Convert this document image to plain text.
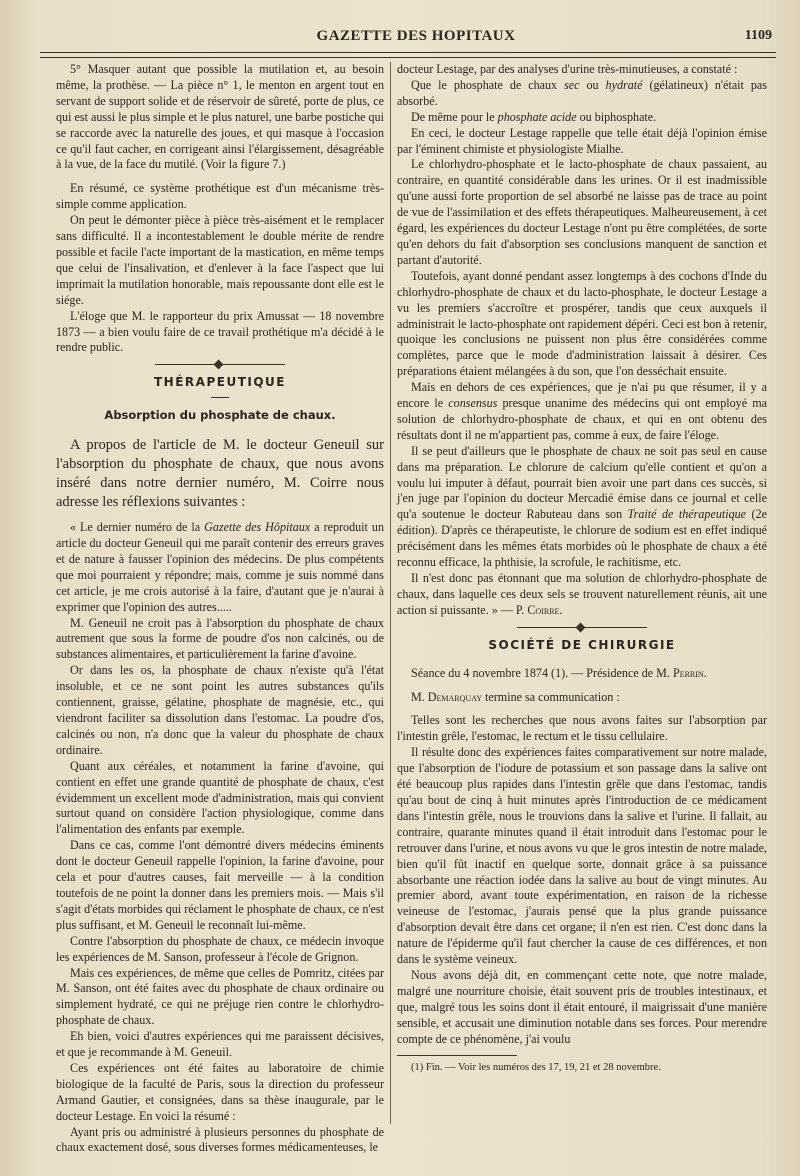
GAZETTE DES HOPITAUX	1109

5° Masquer autant que possible la mutilation et, au besoin même, la prothèse. — La pièce n° 1, le menton en argent tout en servant de support solide et de réservoir de sûreté, porte de plus, ce qui est aussi le plus simple et le plus naturel, une barbe postiche qui se raccorde avec la naturelle des joues, et qui masque à l'occasion ce qu'il faut cacher, en corrigeant ainsi l'élargissement, désagréable à la vue, de la face du mutilé. (Voir la figure 7.)

En résumé, ce système prothétique est d'un mécanisme très-simple comme application.

On peut le démonter pièce à pièce très-aisément et le remplacer sans difficulté. Il a incontestablement le double mérite de rendre possible et facile l'acte important de la mastication, en même temps que celui de l'insalivation, et d'enlever à la face l'aspect que lui imprimait la mutilation honorable, mais repoussante dont elle est le siége.

L'éloge que M. le rapporteur du prix Amussat — 18 novembre 1873 — a bien voulu faire de ce travail prothétique m'a décidé à le rendre public.

THÉRAPEUTIQUE
Absorption du phosphate de chaux.

A propos de l'article de M. le docteur Geneuil sur l'absorption du phosphate de chaux, que nous avons inséré dans notre dernier numéro, M. Coirre nous adresse les réflexions suivantes :

« Le dernier numéro de la Gazette des Hôpitaux a reproduit un article du docteur Geneuil qui me paraît contenir des erreurs graves et de nature à fausser l'opinion des médecins. De plus compétents que moi pourraient y répondre; mais, comme je suis nommé dans cet article, je me crois autorisé à la faire, d'autant que je n'aurai à exprimer que l'opinion des autres.....

M. Geneuil ne croit pas à l'absorption du phosphate de chaux autrement que sous la forme de poudre d'os non calcinés, ou de substances alimentaires, et particulièrement la farine d'avoine.

Or dans les os, la phosphate de chaux n'existe qu'à l'état insoluble, et ce ne sont point les autres substances qu'ils contiennent, graisse, gélatine, phosphate de magnésie, etc., qui viendront faciliter sa dissolution dans l'estomac. La poudre d'os, calcinés ou non, n'a donc que la valeur du phosphate de chaux ordinaire.

Quant aux céréales, et notamment la farine d'avoine, qui contient en effet une grande quantité de phosphate de chaux, c'est évidemment un excellent mode d'administration, mais qui convient surtout quand on considère l'action physiologique, comme dans l'alimentation des enfants par exemple.

Dans ce cas, comme l'ont démontré divers médecins éminents dont le docteur Geneuil rappelle l'opinion, la farine d'avoine, pour cela et pour d'autres causes, fait merveille — à la condition toutefois de ne point la donner dans les premiers mois. — Mais s'il s'agit d'états morbides qui réclament le phosphate de chaux, ce n'est plus suffisant, et M. Geneuil le reconnaît lui-même.

Contre l'absorption du phosphate de chaux, ce médecin invoque les expériences de M. Sanson, professeur à l'école de Grignon.

Mais ces expériences, de même que celles de Pomritz, citées par M. Sanson, ont été faites avec du phosphate de chaux ordinaire ou simplement hydraté, ce qui ne préjuge rien contre le chlorhydro-phosphate de chaux.

Eh bien, voici d'autres expériences qui me paraissent décisives, et que je recommande à M. Geneuil.

Ces expériences ont été faites au laboratoire de chimie biologique de la faculté de Paris, sous la direction du professeur Armand Gautier, et consignées, dans sa thèse inaugurale, par le docteur Lestage. En voici la résumé :

Ayant pris ou administré à plusieurs personnes du phosphate de chaux exactement dosé, sous diverses formes médicamenteuses, le

docteur Lestage, par des analyses d'urine très-minutieuses, a constaté :

Que le phosphate de chaux sec ou hydraté (gélatineux) n'était pas absorbé.

De même pour le phosphate acide ou biphosphate.

En ceci, le docteur Lestage rappelle que telle était déjà l'opinion émise par l'éminent chimiste et physiologiste Mialhe.

Le chlorhydro-phosphate et le lacto-phosphate de chaux passaient, au contraire, en quantité considérable dans les urines. Or il est inadmissible qu'une aussi forte proportion de sel absorbé ne laisse pas de trace au point de vue de l'assimilation et des effets thérapeutiques. Malheureusement, à cet égard, les expériences du docteur Lestage n'ont pu être complétées, de sorte qu'en dehors du fait d'absorption ses conclusions manquent de sanction et partant d'autorité.

Toutefois, ayant donné pendant assez longtemps à des cochons d'Inde du chlorhydro-phosphate de chaux et du lacto-phosphate, le docteur Lestage a vu les premiers s'accroître et prospérer, tandis que ceux auxquels il administrait le lacto-phosphate ont rapidement dépéri. Ceci est bon à retenir, quoique les conclusions ne puissent non plus être considérées comme complètes, parce que le mode d'administration laissait à désirer. Ces préparations étaient mélangées à du son, que l'on desséchait ensuite.

Mais en dehors de ces expériences, que je n'ai pu que résumer, il y a encore le consensus presque unanime des médecins qui ont employé ma solution de chlorhydro-phosphate de chaux, et qui en ont obtenu des résultats dont il ne m'appartient pas, comme à eux, de faire l'éloge.

Il se peut d'ailleurs que le phosphate de chaux ne soit pas seul en cause dans ma préparation. Le chlorure de calcium qu'elle contient et qu'on a voulu lui imputer à défaut, pourrait bien avoir une part dans ces succès, si j'en juge par l'opinion du docteur Mercadié émise dans ce journal et celle qu'a soutenue le docteur Rabuteau dans son Traité de thérapeutique (2e édition). D'après ce thérapeutiste, le chlorure de sodium est en effet indiqué précisément dans les mêmes états morbides où le phosphate de chaux a été reconnu efficace, la phthisie, la scrofule, le rachitisme, etc.

Il n'est donc pas étonnant que ma solution de chlorhydro-phosphate de chaux, dans laquelle ces deux sels se trouvent naturellement réunis, ait une action si puissante. » — P. Coirre.

SOCIÉTÉ DE CHIRURGIE

Séance du 4 novembre 1874 (1). — Présidence de M. Perrin.

M. Demarquay termine sa communication :

Telles sont les recherches que nous avons faites sur l'absorption par l'intestin grêle, l'estomac, le rectum et le tissu cellulaire.

Il résulte donc des expériences faites comparativement sur notre malade, que l'absorption de l'iodure de potassium et son passage dans la salive ont été beaucoup plus rapides dans l'intestin grêle que dans l'estomac, tandis qu'au bout de cinq à huit minutes après l'introduction de ce médicament dans l'intestin grêle, nous le trouvions dans la salive et l'urine. Il fallait, au contraire, quarante minutes quand il était introduit dans l'estomac pour le retrouver dans l'urine, et nous avons vu que le gros intestin de notre malade, bien qu'il fût inactif en quelque sorte, donnait grâce à sa puissance absorbante une réaction iodée dans la salive au bout de vingt minutes. Au premier abord, avant toute expérimentation, en raison de la richesse veineuse de l'estomac, j'aurais pensé que la plus grande puissance d'absorption devait être dans cet organe; il n'en est rien. C'est donc dans la nature de l'épiderme qu'il faut chercher la cause de ces différences, et non dans le système veineux.

Nous avons déjà dit, en commençant cette note, que notre malade, malgré une nourriture choisie, était souvent pris de troubles intestinaux, et que, malgré tous les soins dont il était entouré, il maigrissait d'une manière sensible, et accusait une diminution notable dans ses forces. Pour merendre compte de ce phénomène, j'ai voulu

(1) Fin. — Voir les numéros des 17, 19, 21 et 28 novembre.
